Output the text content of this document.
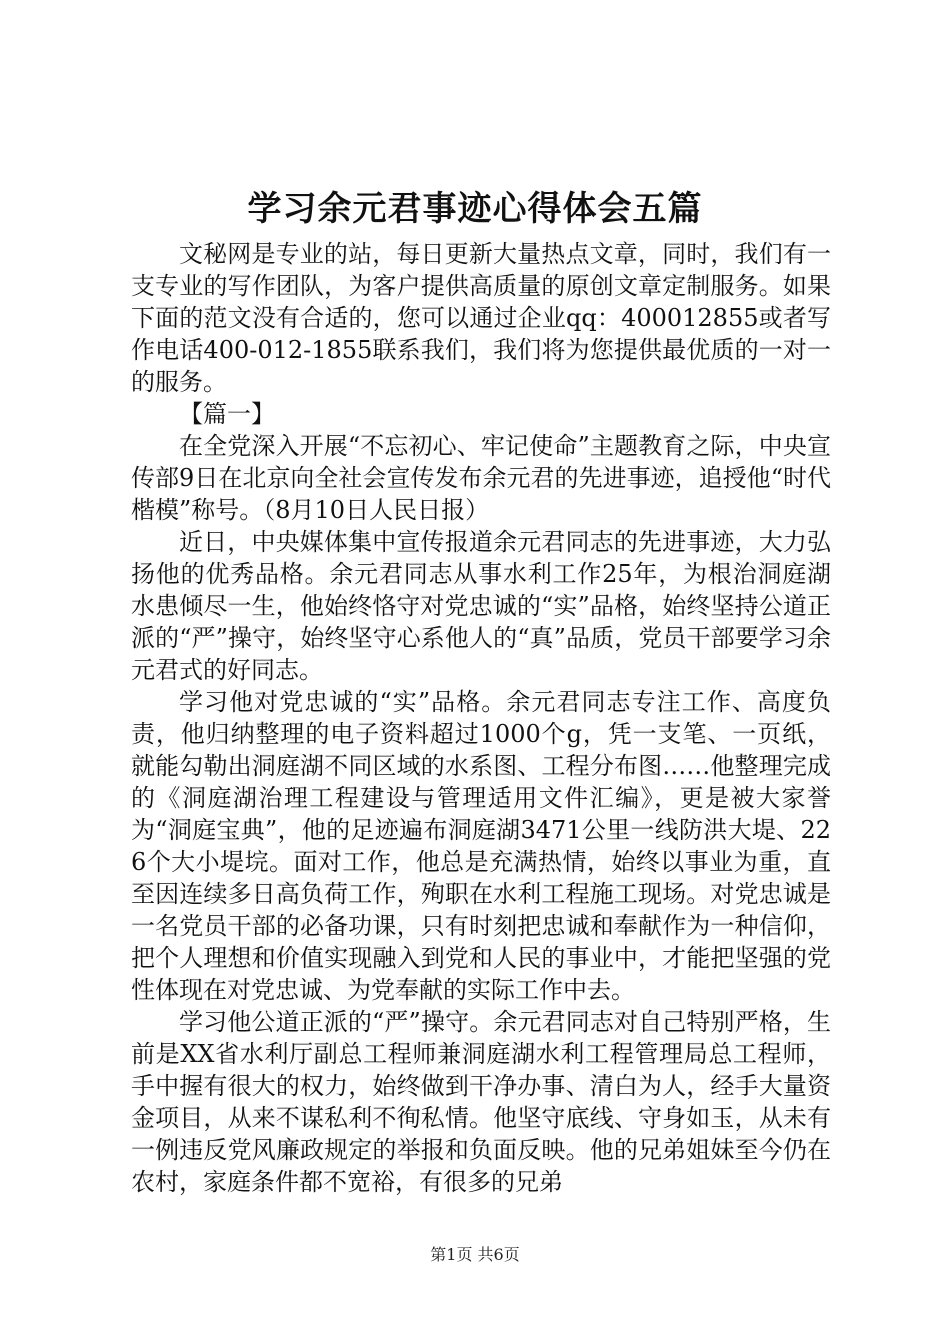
学习余元君事迹心得体会五篇

文秘网是专业的站，每日更新大量热点文章，同时，我们有一支专业的写作团队，为客户提供高质量的原创文章定制服务。如果下面的范文没有合适的，您可以通过企业qq：400012855或者写作电话400-012-1855联系我们，我们将为您提供最优质的一对一的服务。

【篇一】

在全党深入开展“不忘初心、牢记使命”主题教育之际，中央宣传部9日在北京向全社会宣传发布余元君的先进事迹，追授他“时代楷模”称号。（8月10日人民日报）

近日，中央媒体集中宣传报道余元君同志的先进事迹，大力弘扬他的优秀品格。余元君同志从事水利工作25年，为根治洞庭湖水患倾尽一生，他始终恪守对党忠诚的“实”品格，始终坚持公道正派的“严”操守，始终坚守心系他人的“真”品质，党员干部要学习余元君式的好同志。

学习他对党忠诚的“实”品格。余元君同志专注工作、高度负责，他归纳整理的电子资料超过1000个g，凭一支笔、一页纸，就能勾勒出洞庭湖不同区域的水系图、工程分布图……他整理完成的《洞庭湖治理工程建设与管理适用文件汇编》，更是被大家誉为“洞庭宝典”，他的足迹遍布洞庭湖3471公里一线防洪大堤、226个大小堤垸。面对工作，他总是充满热情，始终以事业为重，直至因连续多日高负荷工作，殉职在水利工程施工现场。对党忠诚是一名党员干部的必备功课，只有时刻把忠诚和奉献作为一种信仰，把个人理想和价值实现融入到党和人民的事业中，才能把坚强的党性体现在对党忠诚、为党奉献的实际工作中去。

学习他公道正派的“严”操守。余元君同志对自己特别严格，生前是XX省水利厅副总工程师兼洞庭湖水利工程管理局总工程师，手中握有很大的权力，始终做到干净办事、清白为人，经手大量资金项目，从来不谋私利不徇私情。他坚守底线、守身如玉，从未有一例违反党风廉政规定的举报和负面反映。他的兄弟姐妹至今仍在农村，家庭条件都不宽裕，有很多的兄弟

第1页 共6页
